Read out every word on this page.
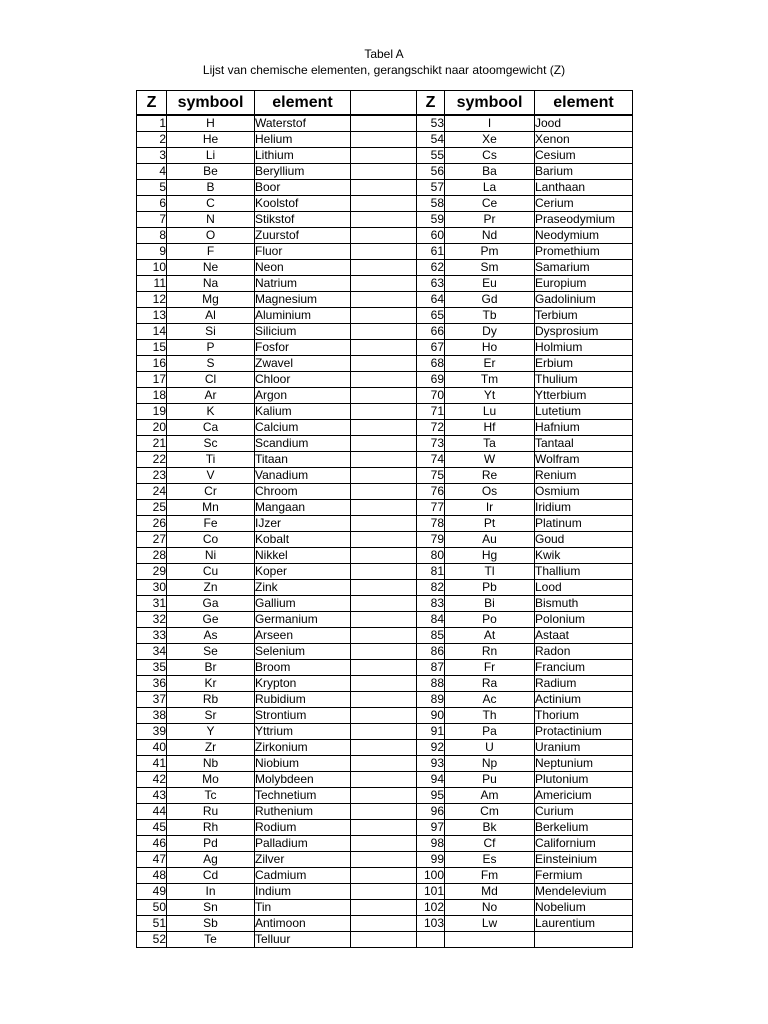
Tabel A
Lijst van chemische elementen, gerangschikt naar atoomgewicht (Z)
Z	symbool	element		Z	symbool	element
1	H	Waterstof		53	I	Jood
2	He	Helium		54	Xe	Xenon
3	Li	Lithium		55	Cs	Cesium
4	Be	Beryllium		56	Ba	Barium
5	B	Boor		57	La	Lanthaan
6	C	Koolstof		58	Ce	Cerium
7	N	Stikstof		59	Pr	Praseodymium
8	O	Zuurstof		60	Nd	Neodymium
9	F	Fluor		61	Pm	Promethium
10	Ne	Neon		62	Sm	Samarium
11	Na	Natrium		63	Eu	Europium
12	Mg	Magnesium		64	Gd	Gadolinium
13	Al	Aluminium		65	Tb	Terbium
14	Si	Silicium		66	Dy	Dysprosium
15	P	Fosfor		67	Ho	Holmium
16	S	Zwavel		68	Er	Erbium
17	Cl	Chloor		69	Tm	Thulium
18	Ar	Argon		70	Yt	Ytterbium
19	K	Kalium		71	Lu	Lutetium
20	Ca	Calcium		72	Hf	Hafnium
21	Sc	Scandium		73	Ta	Tantaal
22	Ti	Titaan		74	W	Wolfram
23	V	Vanadium		75	Re	Renium
24	Cr	Chroom		76	Os	Osmium
25	Mn	Mangaan		77	Ir	Iridium
26	Fe	IJzer		78	Pt	Platinum
27	Co	Kobalt		79	Au	Goud
28	Ni	Nikkel		80	Hg	Kwik
29	Cu	Koper		81	Tl	Thallium
30	Zn	Zink		82	Pb	Lood
31	Ga	Gallium		83	Bi	Bismuth
32	Ge	Germanium		84	Po	Polonium
33	As	Arseen		85	At	Astaat
34	Se	Selenium		86	Rn	Radon
35	Br	Broom		87	Fr	Francium
36	Kr	Krypton		88	Ra	Radium
37	Rb	Rubidium		89	Ac	Actinium
38	Sr	Strontium		90	Th	Thorium
39	Y	Yttrium		91	Pa	Protactinium
40	Zr	Zirkonium		92	U	Uranium
41	Nb	Niobium		93	Np	Neptunium
42	Mo	Molybdeen		94	Pu	Plutonium
43	Tc	Technetium		95	Am	Americium
44	Ru	Ruthenium		96	Cm	Curium
45	Rh	Rodium		97	Bk	Berkelium
46	Pd	Palladium		98	Cf	Californium
47	Ag	Zilver		99	Es	Einsteinium
48	Cd	Cadmium		100	Fm	Fermium
49	In	Indium		101	Md	Mendelevium
50	Sn	Tin		102	No	Nobelium
51	Sb	Antimoon		103	Lw	Laurentium
52	Te	Telluur				
